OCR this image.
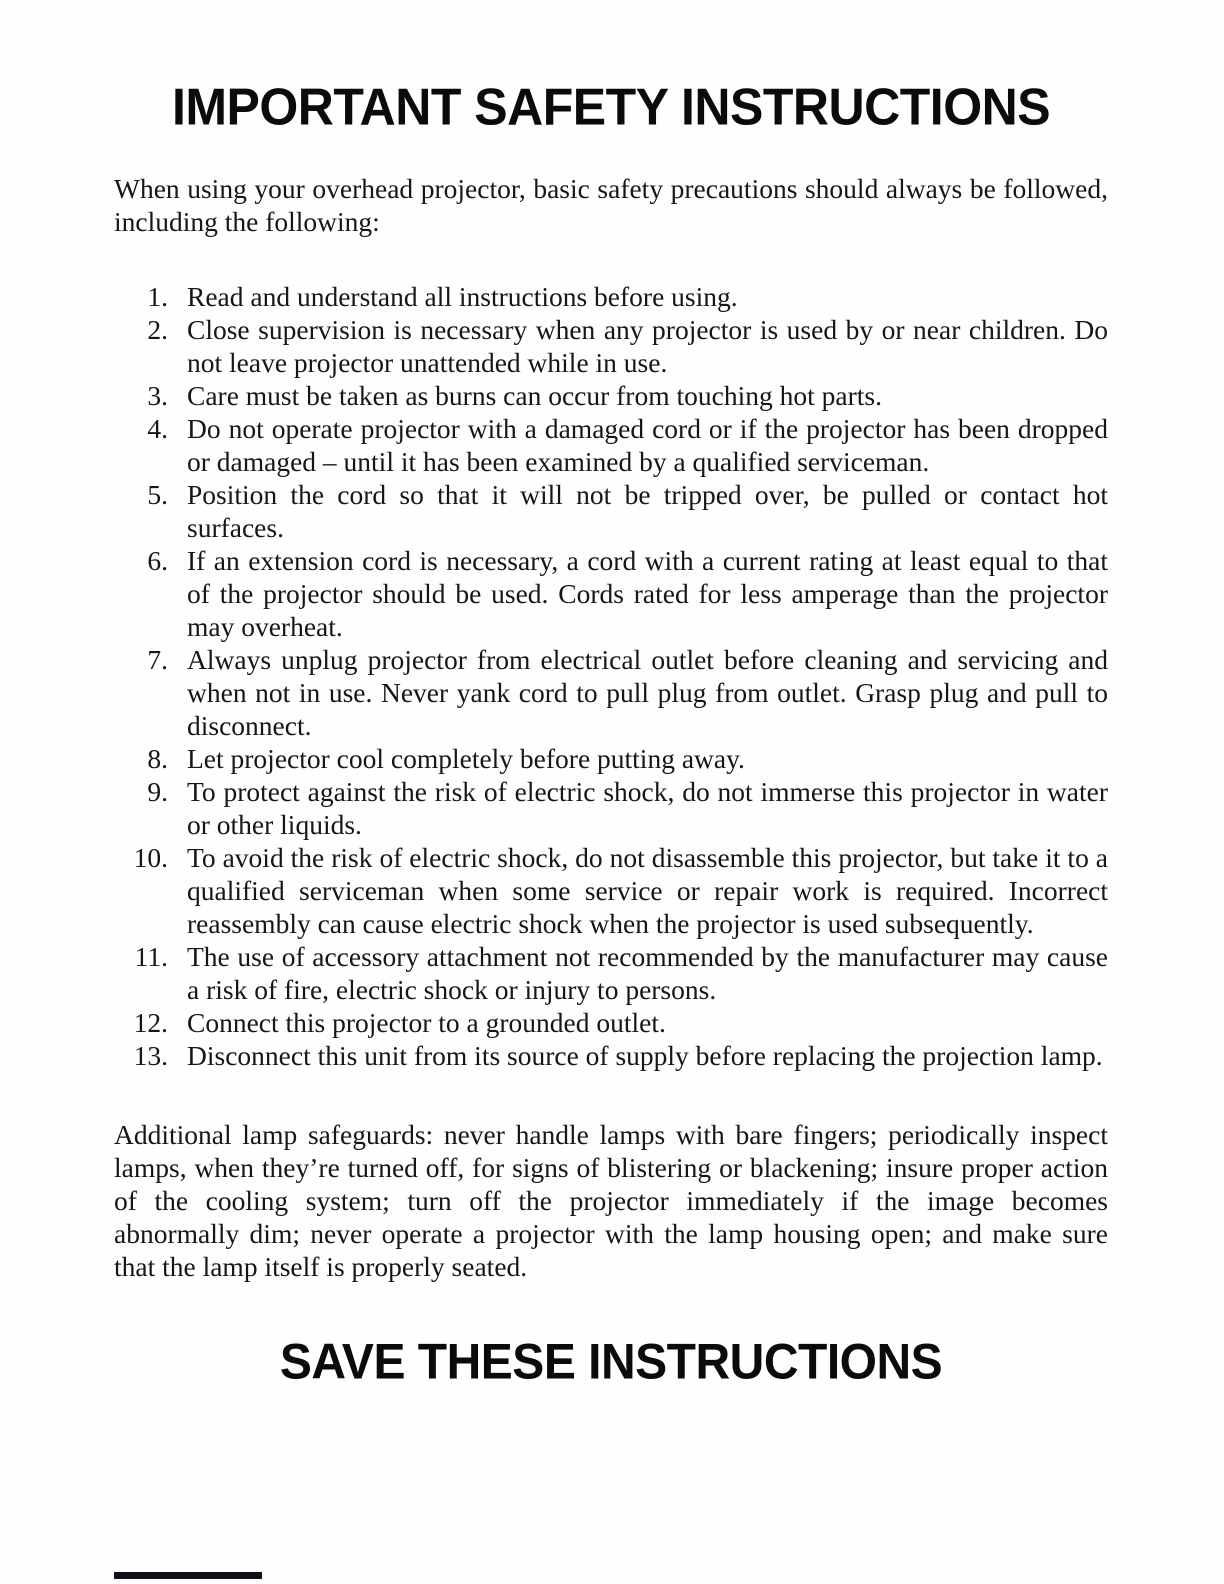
IMPORTANT SAFETY INSTRUCTIONS

When using your overhead projector, basic safety precautions should always be followed, including the following:

1. Read and understand all instructions before using.
2. Close supervision is necessary when any projector is used by or near children. Do not leave projector unattended while in use.
3. Care must be taken as burns can occur from touching hot parts.
4. Do not operate projector with a damaged cord or if the projector has been dropped or damaged – until it has been examined by a qualified serviceman.
5. Position the cord so that it will not be tripped over, be pulled or contact hot surfaces.
6. If an extension cord is necessary, a cord with a current rating at least equal to that of the projector should be used. Cords rated for less amperage than the projector may overheat.
7. Always unplug projector from electrical outlet before cleaning and servicing and when not in use. Never yank cord to pull plug from outlet. Grasp plug and pull to disconnect.
8. Let projector cool completely before putting away.
9. To protect against the risk of electric shock, do not immerse this projector in water or other liquids.
10. To avoid the risk of electric shock, do not disassemble this projector, but take it to a qualified serviceman when some service or repair work is required. Incorrect reassembly can cause electric shock when the projector is used subsequently.
11. The use of accessory attachment not recommended by the manufacturer may cause a risk of fire, electric shock or injury to persons.
12. Connect this projector to a grounded outlet.
13. Disconnect this unit from its source of supply before replacing the projection lamp.

Additional lamp safeguards: never handle lamps with bare fingers; periodically inspect lamps, when they’re turned off, for signs of blistering or blackening; insure proper action of the cooling system; turn off the projector immediately if the image becomes abnormally dim; never operate a projector with the lamp housing open; and make sure that the lamp itself is properly seated.

SAVE THESE INSTRUCTIONS
